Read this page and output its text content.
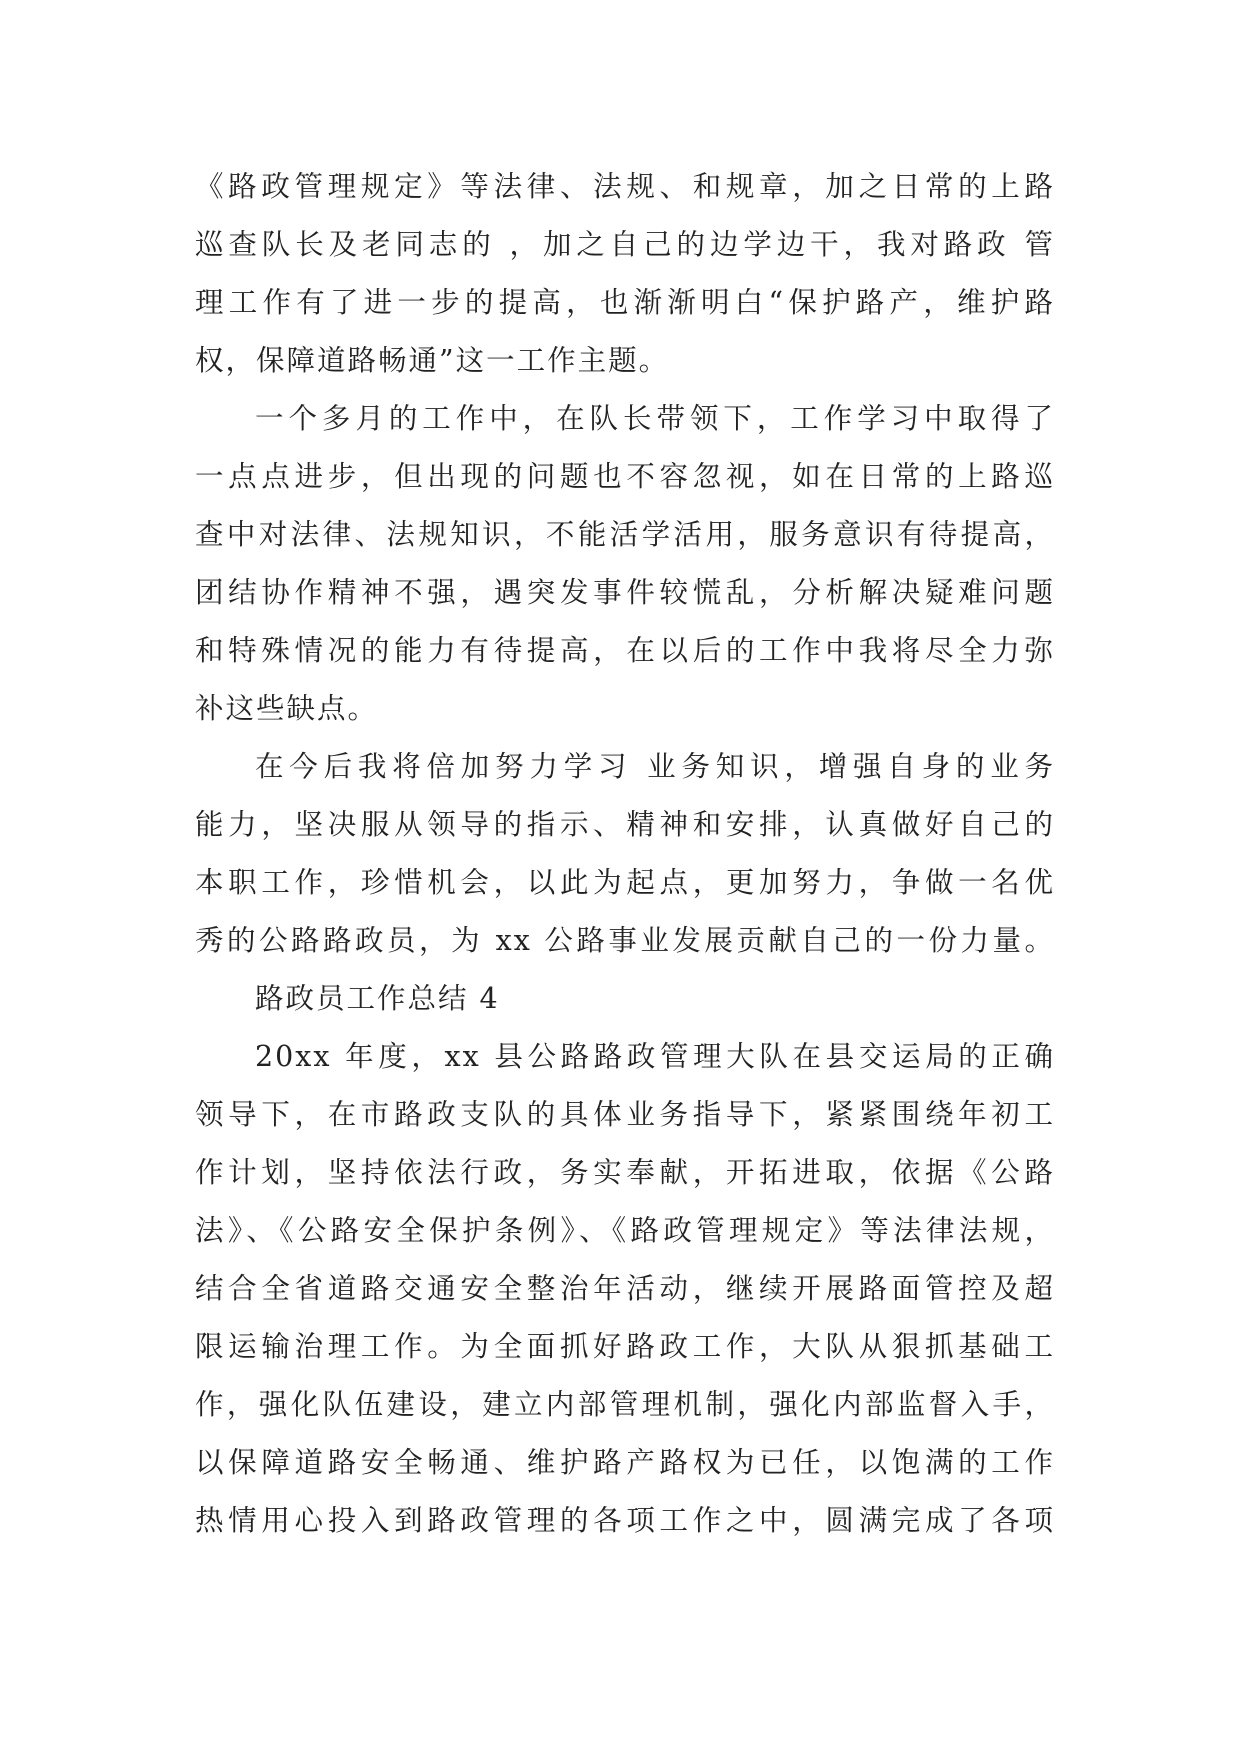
《路政管理规定》等法律、法规、和规章，加之日常的上路
巡查队长及老同志的 ，加之自己的边学边干，我对路政 管
理工作有了进一步的提高，也渐渐明白“保护路产，维护路
权，保障道路畅通”这一工作主题。
一个多月的工作中，在队长带领下，工作学习中取得了
一点点进步，但出现的问题也不容忽视，如在日常的上路巡
查中对法律、法规知识，不能活学活用，服务意识有待提高，
团结协作精神不强，遇突发事件较慌乱，分析解决疑难问题
和特殊情况的能力有待提高，在以后的工作中我将尽全力弥
补这些缺点。
在今后我将倍加努力学习 业务知识，增强自身的业务
能力，坚决服从领导的指示、精神和安排，认真做好自己的
本职工作，珍惜机会，以此为起点，更加努力，争做一名优
秀的公路路政员，为 xx 公路事业发展贡献自己的一份力量。
路政员工作总结 4
20xx 年度，xx 县公路路政管理大队在县交运局的正确
领导下，在市路政支队的具体业务指导下，紧紧围绕年初工
作计划，坚持依法行政，务实奉献，开拓进取，依据《公路
法》、《公路安全保护条例》、《路政管理规定》等法律法规，
结合全省道路交通安全整治年活动，继续开展路面管控及超
限运输治理工作。为全面抓好路政工作，大队从狠抓基础工
作，强化队伍建设，建立内部管理机制，强化内部监督入手，
以保障道路安全畅通、维护路产路权为已任，以饱满的工作
热情用心投入到路政管理的各项工作之中，圆满完成了各项
